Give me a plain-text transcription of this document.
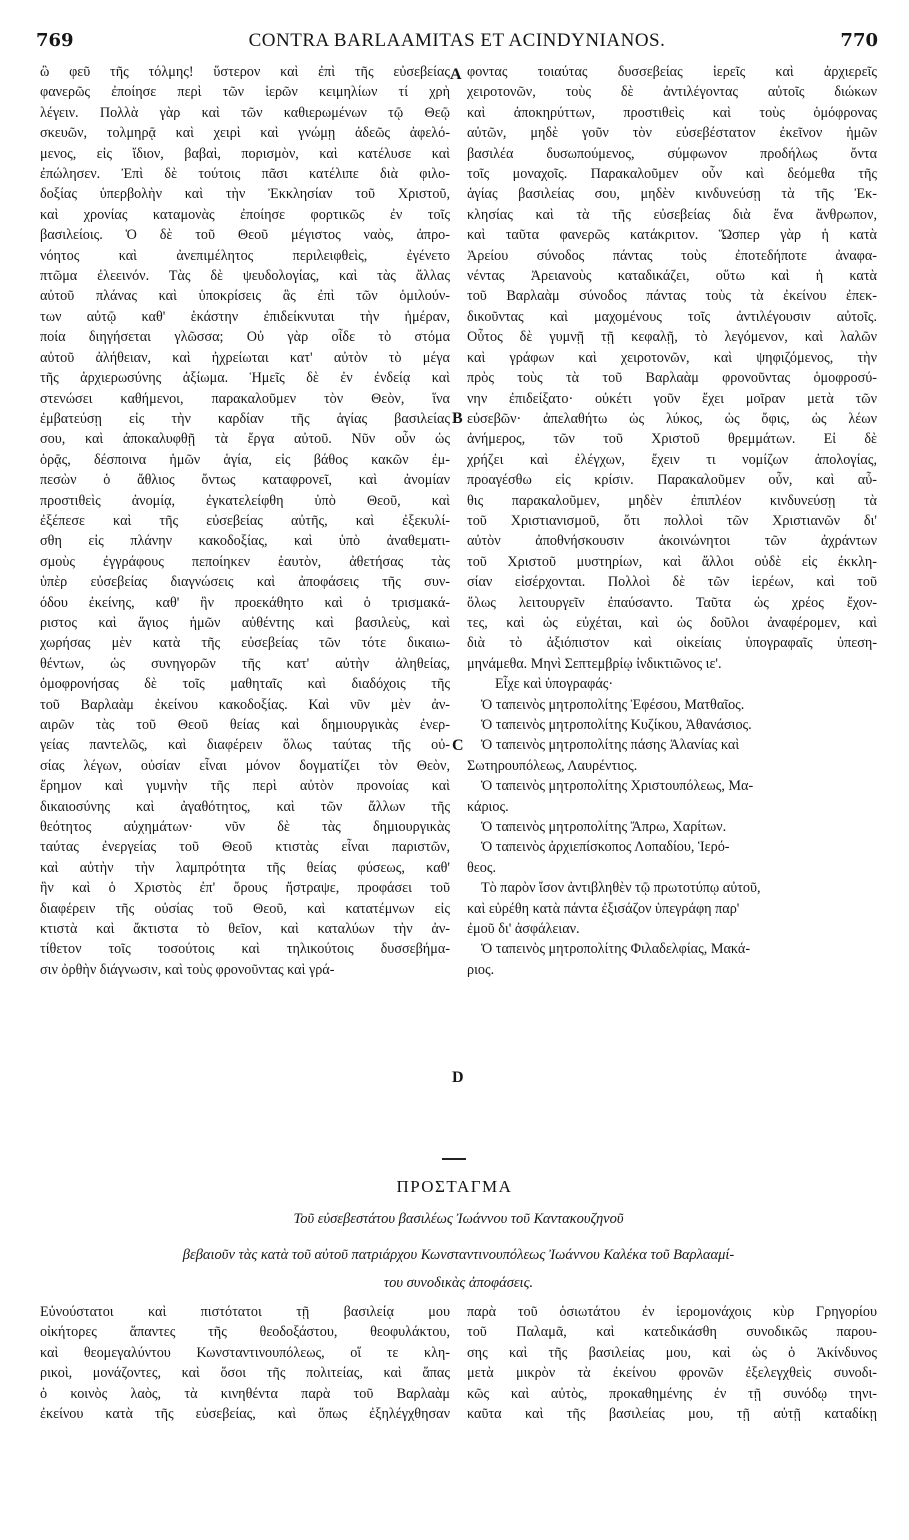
769	CONTRA BARLAAMITAS ET ACINDYNIANOS.	770
A
B
C
D
ὢ φεῦ τῆς τόλμης! ὕστερον καὶ ἐπὶ τῆς εὐσεβείας
φανερῶς ἐποίησε περὶ τῶν ἱερῶν κειμηλίων τί χρὴ
λέγειν. Πολλὰ γὰρ καὶ τῶν καθιερωμένων τῷ Θεῷ
σκευῶν, τολμηρᾷ καὶ χειρὶ καὶ γνώμῃ ἀδεῶς ἀφελό-
μενος, εἰς ἴδιον, βαβαὶ, πορισμὸν, καὶ κατέλυσε καὶ
ἐπώλησεν. Ἐπὶ δὲ τούτοις πᾶσι κατέλιπε διὰ φιλο-
δοξίας ὑπερβολὴν καὶ τὴν Ἐκκλησίαν τοῦ Χριστοῦ,
καὶ χρονίας καταμονὰς ἐποίησε φορτικῶς ἐν τοῖς
βασιλείοις. Ὁ δὲ τοῦ Θεοῦ μέγιστος ναὸς, ἀπρο-
νόητος καὶ ἀνεπιμέλητος περιλειφθεὶς, ἐγένετο
πτῶμα ἐλεεινόν. Τὰς δὲ ψευδολογίας, καὶ τὰς ἄλλας
αὐτοῦ πλάνας καὶ ὑποκρίσεις ἃς ἐπὶ τῶν ὁμιλούν-
των αὐτῷ καθ' ἑκάστην ἐπιδείκνυται τὴν ἡμέραν,
ποία διηγήσεται γλῶσσα; Οὐ γὰρ οἶδε τὸ στόμα
αὐτοῦ ἀλήθειαν, καὶ ἠχρείωται κατ' αὐτὸν τὸ μέγα
τῆς ἀρχιερωσύνης ἀξίωμα. Ἡμεῖς δὲ ἐν ἐνδείᾳ καὶ
στενώσει καθήμενοι, παρακαλοῦμεν τὸν Θεὸν, ἵνα
ἐμβατεύσῃ εἰς τὴν καρδίαν τῆς ἁγίας βασιλείας
σου, καὶ ἀποκαλυφθῇ τὰ ἔργα αὐτοῦ. Νῦν οὖν ὡς
ὁρᾷς, δέσποινα ἡμῶν ἁγία, εἰς βάθος κακῶν ἐμ-
πεσὼν ὁ ἄθλιος ὄντως καταφρονεῖ, καὶ ἀνομίαν
προστιθεὶς ἀνομίᾳ, ἐγκατελείφθη ὑπὸ Θεοῦ, καὶ
ἐξέπεσε καὶ τῆς εὐσεβείας αὐτῆς, καὶ ἐξεκυλί-
σθη εἰς πλάνην κακοδοξίας, καὶ ὑπὸ ἀναθεματι-
σμοὺς ἐγγράφους πεποίηκεν ἑαυτὸν, ἀθετήσας τὰς
ὑπὲρ εὐσεβείας διαγνώσεις καὶ ἀποφάσεις τῆς συν-
όδου ἐκείνης, καθ' ἣν προεκάθητο καὶ ὁ τρισμακά-
ριστος καὶ ἅγιος ἡμῶν αὐθέντης καὶ βασιλεὺς, καὶ
χωρήσας μὲν κατὰ τῆς εὐσεβείας τῶν τότε δικαιω-
θέντων, ὡς συνηγορῶν τῆς κατ' αὐτὴν ἀληθείας,
ὁμοφρονήσας δὲ τοῖς μαθηταῖς καὶ διαδόχοις τῆς
τοῦ Βαρλαὰμ ἐκείνου κακοδοξίας. Καὶ νῦν μὲν ἀν-
αιρῶν τὰς τοῦ Θεοῦ θείας καὶ δημιουργικὰς ἐνερ-
γείας παντελῶς, καὶ διαφέρειν ὅλως ταύτας τῆς οὐ-
σίας λέγων, οὐσίαν εἶναι μόνον δογματίζει τὸν Θεὸν,
ἔρημον καὶ γυμνὴν τῆς περὶ αὐτὸν προνοίας καὶ
δικαιοσύνης καὶ ἀγαθότητος, καὶ τῶν ἄλλων τῆς
θεότητος αὐχημάτων· νῦν δὲ τὰς δημιουργικὰς
ταύτας ἐνεργείας τοῦ Θεοῦ κτιστὰς εἶναι παριστῶν,
καὶ αὐτὴν τὴν λαμπρότητα τῆς θείας φύσεως, καθ'
ἣν καὶ ὁ Χριστὸς ἐπ' ὄρους ἤστραψε, προφάσει τοῦ
διαφέρειν τῆς οὐσίας τοῦ Θεοῦ, καὶ κατατέμνων εἰς
κτιστὰ καὶ ἄκτιστα τὸ θεῖον, καὶ καταλύων τὴν ἀν-
τίθετον τοῖς τοσούτοις καὶ τηλικούτοις δυσσεβήμα-
σιν ὀρθὴν διάγνωσιν, καὶ τοὺς φρονοῦντας καὶ γρά-
φοντας τοιαύτας δυσσεβείας ἱερεῖς καὶ ἀρχιερεῖς
χειροτονῶν, τοὺς δὲ ἀντιλέγοντας αὐτοῖς διώκων
καὶ ἀποκηρύττων, προστιθεὶς καὶ τοὺς ὁμόφρονας
αὐτῶν, μηδὲ γοῦν τὸν εὐσεβέστατον ἐκεῖνον ἡμῶν
βασιλέα δυσωπούμενος, σύμφωνον προδήλως ὄντα
τοῖς μοναχοῖς. Παρακαλοῦμεν οὖν καὶ δεόμεθα τῆς
ἁγίας βασιλείας σου, μηδὲν κινδυνεύσῃ τὰ τῆς Ἐκ-
κλησίας καὶ τὰ τῆς εὐσεβείας διὰ ἕνα ἄνθρωπον,
καὶ ταῦτα φανερῶς κατάκριτον. Ὥσπερ γὰρ ἡ κατὰ
Ἀρείου σύνοδος πάντας τοὺς ἐποτεδήποτε ἀναφα-
νέντας Ἀρειανοὺς καταδικάζει, οὕτω καὶ ἡ κατὰ
τοῦ Βαρλαὰμ σύνοδος πάντας τοὺς τὰ ἐκείνου ἐπεκ-
δικοῦντας καὶ μαχομένους τοῖς ἀντιλέγουσιν αὐτοῖς.
Οὗτος δὲ γυμνῇ τῇ κεφαλῇ, τὸ λεγόμενον, καὶ λαλῶν
καὶ γράφων καὶ χειροτονῶν, καὶ ψηφιζόμενος, τὴν
πρὸς τοὺς τὰ τοῦ Βαρλαὰμ φρονοῦντας ὁμοφροσύ-
νην ἐπιδείξατο· οὐκέτι γοῦν ἔχει μοῖραν μετὰ τῶν
εὐσεβῶν· ἀπελαθήτω ὡς λύκος, ὡς ὄφις, ὡς λέων
ἀνήμερος, τῶν τοῦ Χριστοῦ θρεμμάτων. Εἰ δὲ
χρήζει καὶ ἐλέγχων, ἔχειν τι νομίζων ἀπολογίας,
προαγέσθω εἰς κρίσιν. Παρακαλοῦμεν οὖν, καὶ αὖ-
θις παρακαλοῦμεν, μηδὲν ἐπιπλέον κινδυνεύσῃ τὰ
τοῦ Χριστιανισμοῦ, ὅτι πολλοὶ τῶν Χριστιανῶν δι'
αὐτὸν ἀποθνήσκουσιν ἀκοινώνητοι τῶν ἀχράντων
τοῦ Χριστοῦ μυστηρίων, καὶ ἄλλοι οὐδὲ εἰς ἐκκλη-
σίαν εἰσέρχονται. Πολλοὶ δὲ τῶν ἱερέων, καὶ τοῦ
ὅλως λειτουργεῖν ἐπαύσαντο. Ταῦτα ὡς χρέος ἔχον-
τες, καὶ ὡς εὐχέται, καὶ ὡς δοῦλοι ἀναφέρομεν, καὶ
διὰ τὸ ἀξιόπιστον καὶ οἰκείαις ὑπογραφαῖς ὑπεση-
μηνάμεθα. Μηνὶ Σεπτεμβρίῳ ἰνδικτιῶνος ιε'.
Εἶχε καὶ ὑπογραφάς·
Ὁ ταπεινὸς μητροπολίτης Ἐφέσου, Ματθαῖος.
Ὁ ταπεινὸς μητροπολίτης Κυζίκου, Ἀθανάσιος.
Ὁ ταπεινὸς μητροπολίτης πάσης Ἀλανίας καὶ
Σωτηρουπόλεως, Λαυρέντιος.
Ὁ ταπεινὸς μητροπολίτης Χριστουπόλεως, Μα-
κάριος.
Ὁ ταπεινὸς μητροπολίτης Ἄπρω, Χαρίτων.
Ὁ ταπεινὸς ἀρχιεπίσκοπος Λοπαδίου, Ἱερό-
θεος.
Τὸ παρὸν ἴσον ἀντιβληθὲν τῷ πρωτοτύπῳ αὐτοῦ,
καὶ εὑρέθη κατὰ πάντα ἐξισάζον ὑπεγράφη παρ'
ἐμοῦ δι' ἀσφάλειαν.
Ὁ ταπεινὸς μητροπολίτης Φιλαδελφίας, Μακά-
ριος.
ΠΡΟΣΤΑΓΜΑ
Τοῦ εὐσεβεστάτου βασιλέως Ἰωάννου τοῦ Καντακουζηνοῦ
βεβαιοῦν τὰς κατὰ τοῦ αὐτοῦ πατριάρχου Κωνσταντινουπόλεως Ἰωάννου Καλέκα τοῦ Βαρλααμί-
του συνοδικὰς ἀποφάσεις.
Εὐνούστατοι καὶ πιστότατοι τῇ βασιλείᾳ μου
οἰκήτορες ἅπαντες τῆς θεοδοξάστου, θεοφυλάκτου,
καὶ θεομεγαλύντου Κωνσταντινουπόλεως, οἵ τε κλη-
ρικοὶ, μονάζοντες, καὶ ὅσοι τῆς πολιτείας, καὶ ἅπας
ὁ κοινὸς λαὸς, τὰ κινηθέντα παρὰ τοῦ Βαρλαὰμ
ἐκείνου κατὰ τῆς εὐσεβείας, καὶ ὅπως ἐξηλέγχθησαν
παρὰ τοῦ ὁσιωτάτου ἐν ἱερομονάχοις κὺρ Γρηγορίου
τοῦ Παλαμᾶ, καὶ κατεδικάσθη συνοδικῶς παρου-
σης καὶ τῆς βασιλείας μου, καὶ ὡς ὁ Ἀκίνδυνος
μετὰ μικρὸν τὰ ἐκείνου φρονῶν ἐξελεγχθεὶς συνοδι-
κῶς καὶ αὐτὸς, προκαθημένης ἐν τῇ συνόδῳ τηνι-
καῦτα καὶ τῆς βασιλείας μου, τῇ αὐτῇ καταδίκῃ
